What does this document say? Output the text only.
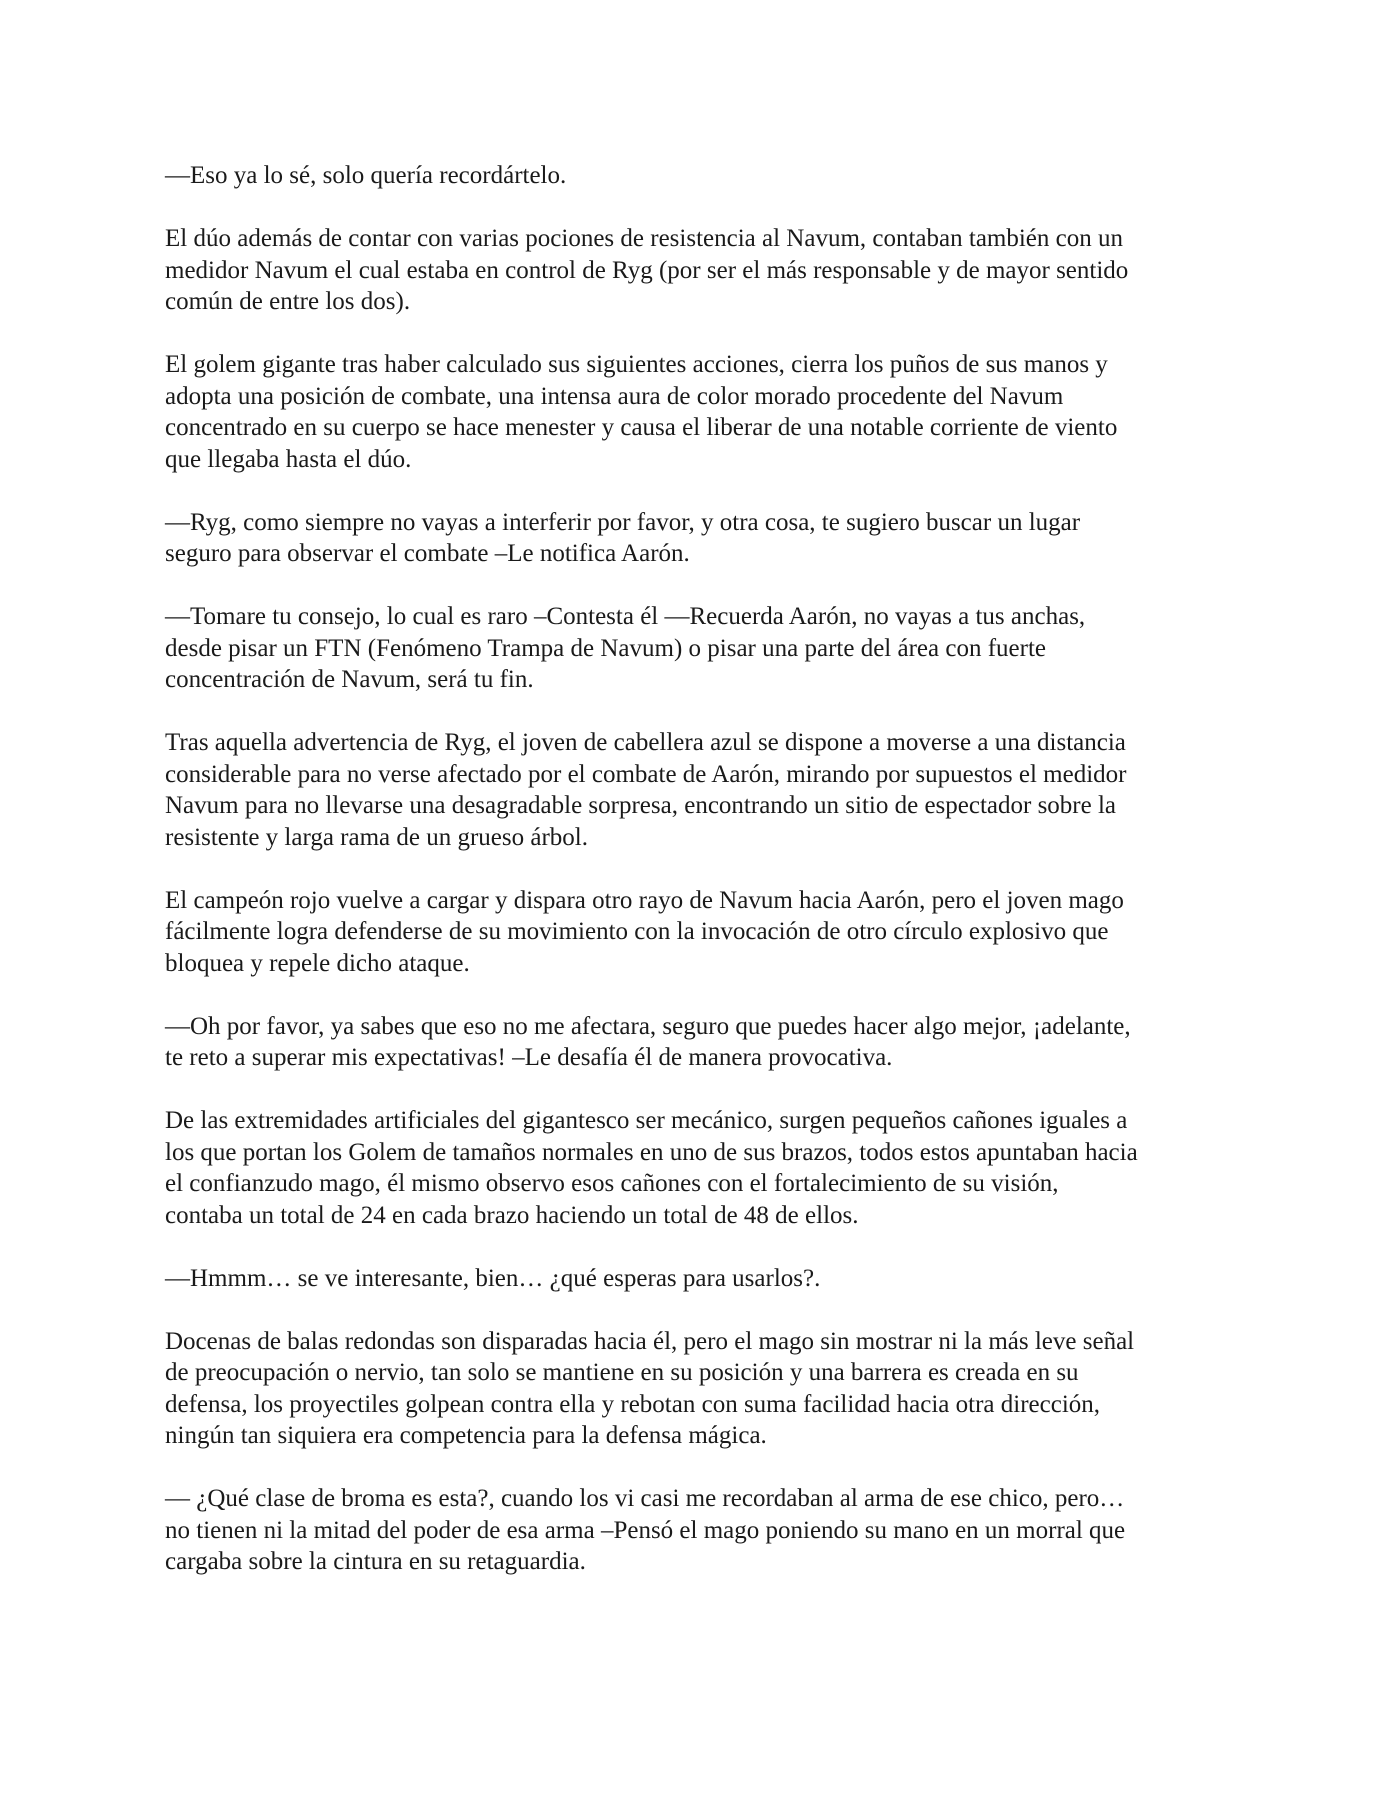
—Eso ya lo sé, solo quería recordártelo.

El dúo además de contar con varias pociones de resistencia al Navum, contaban también con un
medidor Navum el cual estaba en control de Ryg (por ser el más responsable y de mayor sentido
común de entre los dos).

El golem gigante tras haber calculado sus siguientes acciones, cierra los puños de sus manos y
adopta una posición de combate, una intensa aura de color morado procedente del Navum
concentrado en su cuerpo se hace menester y causa el liberar de una notable corriente de viento
que llegaba hasta el dúo.

—Ryg, como siempre no vayas a interferir por favor, y otra cosa, te sugiero buscar un lugar
seguro para observar el combate –Le notifica Aarón.

—Tomare tu consejo, lo cual es raro –Contesta él —Recuerda Aarón, no vayas a tus anchas,
desde pisar un FTN (Fenómeno Trampa de Navum) o pisar una parte del área con fuerte
concentración de Navum, será tu fin.

Tras aquella advertencia de Ryg, el joven de cabellera azul se dispone a moverse a una distancia
considerable para no verse afectado por el combate de Aarón, mirando por supuestos el medidor
Navum para no llevarse una desagradable sorpresa, encontrando un sitio de espectador sobre la
resistente y larga rama de un grueso árbol.

El campeón rojo vuelve a cargar y dispara otro rayo de Navum hacia Aarón, pero el joven mago
fácilmente logra defenderse de su movimiento con la invocación de otro círculo explosivo que
bloquea y repele dicho ataque.

—Oh por favor, ya sabes que eso no me afectara, seguro que puedes hacer algo mejor, ¡adelante,
te reto a superar mis expectativas! –Le desafía él de manera provocativa.

De las extremidades artificiales del gigantesco ser mecánico, surgen pequeños cañones iguales a
los que portan los Golem de tamaños normales en uno de sus brazos, todos estos apuntaban hacia
el confianzudo mago, él mismo observo esos cañones con el fortalecimiento de su visión,
contaba un total de 24 en cada brazo haciendo un total de 48 de ellos.

—Hmmm… se ve interesante, bien… ¿qué esperas para usarlos?.

Docenas de balas redondas son disparadas hacia él, pero el mago sin mostrar ni la más leve señal
de preocupación o nervio, tan solo se mantiene en su posición y una barrera es creada en su
defensa, los proyectiles golpean contra ella y rebotan con suma facilidad hacia otra dirección,
ningún tan siquiera era competencia para la defensa mágica.

— ¿Qué clase de broma es esta?, cuando los vi casi me recordaban al arma de ese chico, pero…
no tienen ni la mitad del poder de esa arma –Pensó el mago poniendo su mano en un morral que
cargaba sobre la cintura en su retaguardia.
